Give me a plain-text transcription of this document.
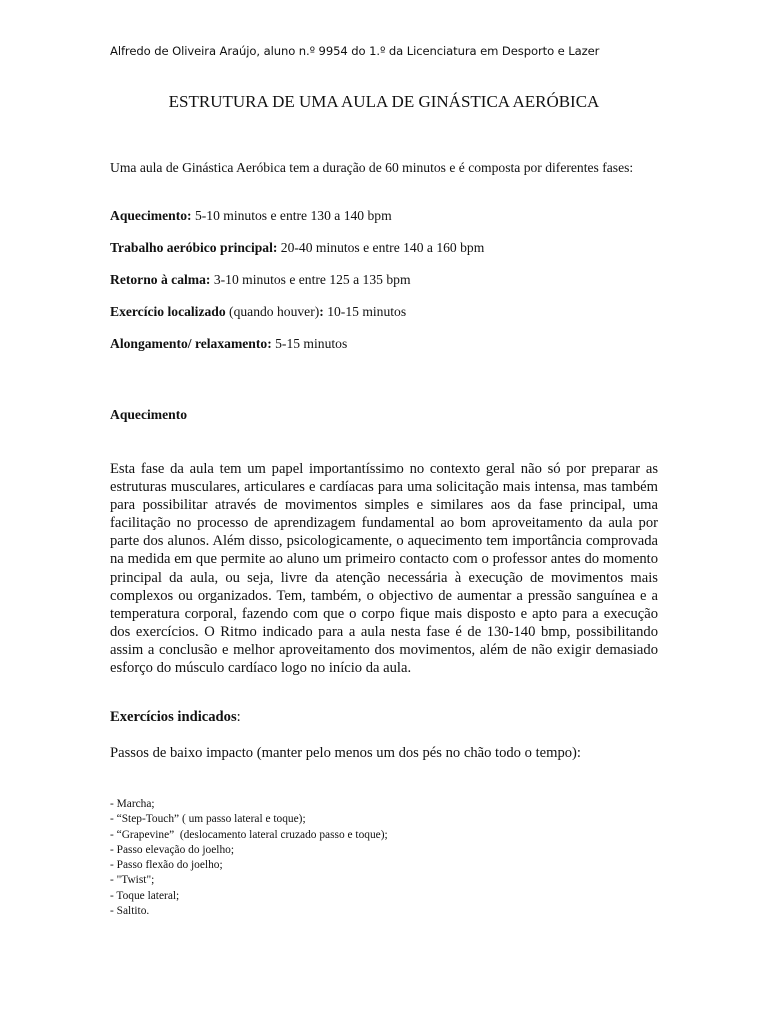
Alfredo de Oliveira Araújo, aluno n.º 9954 do 1.º da Licenciatura em Desporto e Lazer
ESTRUTURA DE UMA AULA DE GINÁSTICA AERÓBICA
Uma aula de Ginástica Aeróbica tem a duração de 60 minutos e é composta por diferentes fases:
Aquecimento: 5-10 minutos e entre 130 a 140 bpm
Trabalho aeróbico principal: 20-40 minutos e entre 140 a 160 bpm
Retorno à calma: 3-10 minutos e entre 125 a 135 bpm
Exercício localizado (quando houver): 10-15 minutos
Alongamento/ relaxamento: 5-15 minutos
Aquecimento

Esta fase da aula tem um papel importantíssimo no contexto geral não só por preparar as estruturas musculares, articulares e cardíacas para uma solicitação mais intensa, mas também para possibilitar através de movimentos simples e similares aos da fase principal, uma facilitação no processo de aprendizagem fundamental ao bom aproveitamento da aula por parte dos alunos. Além disso, psicologicamente, o aquecimento tem importância comprovada na medida em que permite ao aluno um primeiro contacto com o professor antes do momento principal da aula, ou seja, livre da atenção necessária à execução de movimentos mais complexos ou organizados. Tem, também, o objectivo de aumentar a pressão sanguínea e a temperatura corporal, fazendo com que o corpo fique mais disposto e apto para a execução dos exercícios. O Ritmo indicado para a aula nesta fase é de 130-140 bmp, possibilitando assim a conclusão e melhor aproveitamento dos movimentos, além de não exigir demasiado esforço do músculo cardíaco logo no início da aula.

Exercícios indicados:
Passos de baixo impacto (manter pelo menos um dos pés no chão todo o tempo):
- Marcha;
- “Step-Touch” ( um passo lateral e toque);
- “Grapevine”  (deslocamento lateral cruzado passo e toque);
- Passo elevação do joelho;
- Passo flexão do joelho;
- "Twist";
- Toque lateral;
- Saltito.
